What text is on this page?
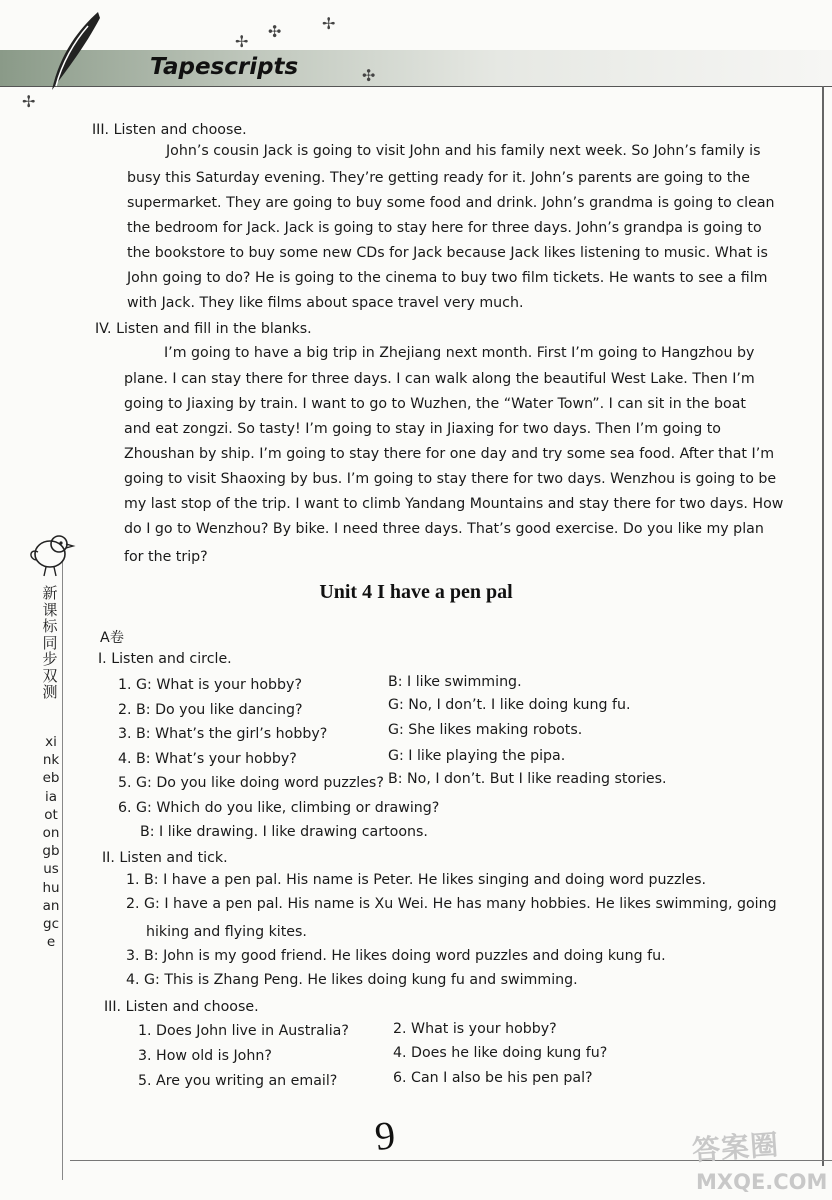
✢
✣	✢
✣
✢
Tapescripts
新课标同步双测
xinkebiaotongbushuangce
III. Listen and choose.
John’s cousin Jack is going to visit John and his family next week. So John’s family is
busy this Saturday evening. They’re getting ready for it. John’s parents are going to the
supermarket. They are going to buy some food and drink. John’s grandma is going to clean
the bedroom for Jack. Jack is going to stay here for three days. John’s grandpa is going to
the bookstore to buy some new CDs for Jack because Jack likes listening to music. What is
John going to do? He is going to the cinema to buy two film tickets. He wants to see a film
with Jack. They like films about space travel very much.
IV. Listen and fill in the blanks.
I’m going to have a big trip in Zhejiang next month. First I’m going to Hangzhou by
plane. I can stay there for three days. I can walk along the beautiful West Lake. Then I’m
going to Jiaxing by train. I want to go to Wuzhen, the “Water Town”. I can sit in the boat
and eat zongzi. So tasty! I’m going to stay in Jiaxing for two days. Then I’m going to
Zhoushan by ship. I’m going to stay there for one day and try some sea food. After that I’m
going to visit Shaoxing by bus. I’m going to stay there for two days. Wenzhou is going to be
my last stop of the trip. I want to climb Yandang Mountains and stay there for two days. How
do I go to Wenzhou? By bike. I need three days. That’s good exercise. Do you like my plan
for the trip?
Unit 4 I have a pen pal
A卷
I. Listen and circle.
1. G: What is your hobby?	B: I like swimming.
2. B: Do you like dancing?	G: No, I don’t. I like doing kung fu.
3. B: What’s the girl’s hobby?	G: She likes making robots.
4. B: What’s your hobby?	G: I like playing the pipa.
5. G: Do you like doing word puzzles? B: No, I don’t. But I like reading stories.
6. G: Which do you like, climbing or drawing?
B: I like drawing. I like drawing cartoons.
II. Listen and tick.
1. B: I have a pen pal. His name is Peter. He likes singing and doing word puzzles.
2. G: I have a pen pal. His name is Xu Wei. He has many hobbies. He likes swimming, going
hiking and flying kites.
3. B: John is my good friend. He likes doing word puzzles and doing kung fu.
4. G: This is Zhang Peng. He likes doing kung fu and swimming.
III. Listen and choose.
1. Does John live in Australia?	2. What is your hobby?
3. How old is John?	4. Does he like doing kung fu?
5. Are you writing an email?	6. Can I also be his pen pal?
9	答案圈
MXQE.COM
